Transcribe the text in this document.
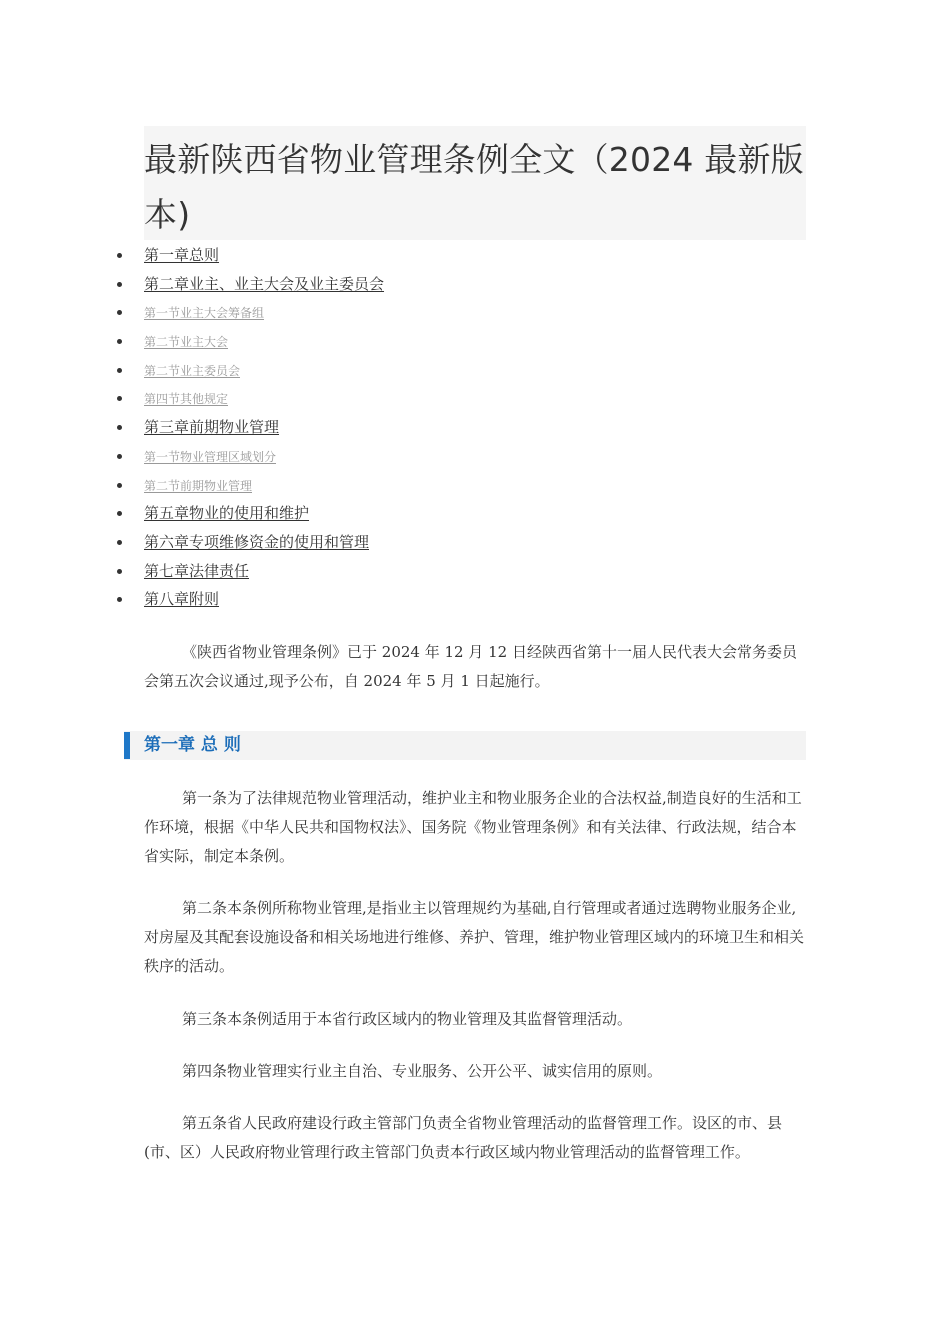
最新陕西省物业管理条例全文（2024 最新版本)
第一章总则
第二章业主、业主大会及业主委员会
第一节业主大会筹备组
第二节业主大会
第二节业主委员会
第四节其他规定
第三章前期物业管理
第一节物业管理区域划分
第二节前期物业管理
第五章物业的使用和维护
第六章专项维修资金的使用和管理
第七章法律责任
第八章附则

《陕西省物业管理条例》已于 2024 年 12 月 12 日经陕西省第十一届人民代表大会常务委员会第五次会议通过,现予公布，自 2024 年 5 月 1 日起施行。

第一章 总 则

第一条为了法律规范物业管理活动，维护业主和物业服务企业的合法权益,制造良好的生活和工作环境，根据《中华人民共和国物权法》、国务院《物业管理条例》和有关法律、行政法规，结合本省实际，制定本条例。

第二条本条例所称物业管理,是指业主以管理规约为基础,自行管理或者通过选聘物业服务企业,对房屋及其配套设施设备和相关场地进行维修、养护、管理，维护物业管理区域内的环境卫生和相关秩序的活动。

第三条本条例适用于本省行政区域内的物业管理及其监督管理活动。

第四条物业管理实行业主自治、专业服务、公开公平、诚实信用的原则。

第五条省人民政府建设行政主管部门负责全省物业管理活动的监督管理工作。设区的市、县(市、区）人民政府物业管理行政主管部门负责本行政区域内物业管理活动的监督管理工作。
